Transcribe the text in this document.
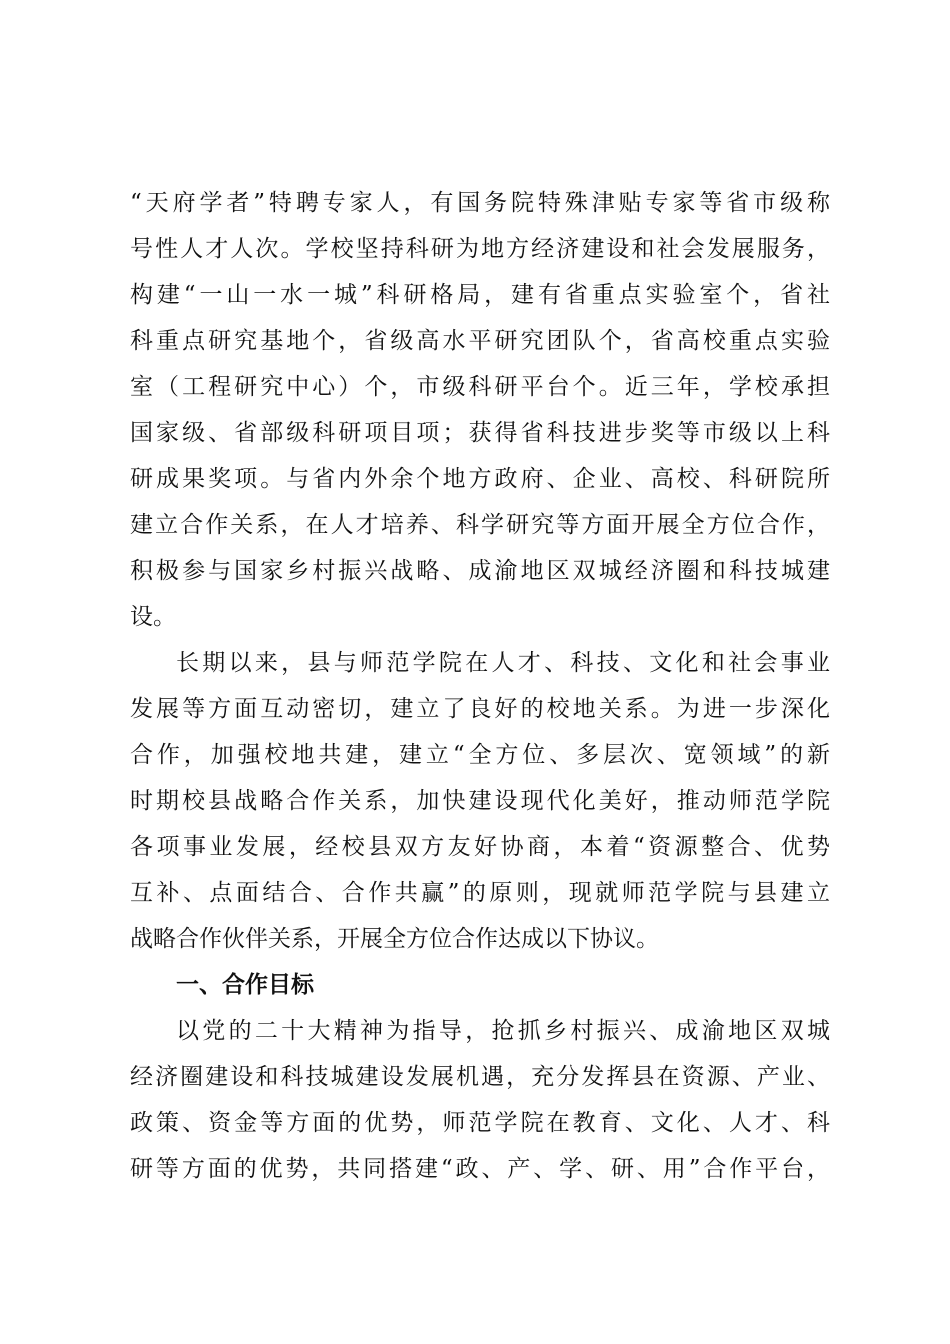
“天府学者”特聘专家人，有国务院特殊津贴专家等省市级称
号性人才人次。学校坚持科研为地方经济建设和社会发展服务，
构建“一山一水一城”科研格局，建有省重点实验室个，省社
科重点研究基地个，省级高水平研究团队个，省高校重点实验
室（工程研究中心）个，市级科研平台个。近三年，学校承担
国家级、省部级科研项目项；获得省科技进步奖等市级以上科
研成果奖项。与省内外余个地方政府、企业、高校、科研院所
建立合作关系，在人才培养、科学研究等方面开展全方位合作，
积极参与国家乡村振兴战略、成渝地区双城经济圈和科技城建
设。
长期以来，县与师范学院在人才、科技、文化和社会事业
发展等方面互动密切，建立了良好的校地关系。为进一步深化
合作，加强校地共建，建立“全方位、多层次、宽领域”的新
时期校县战略合作关系，加快建设现代化美好，推动师范学院
各项事业发展，经校县双方友好协商，本着“资源整合、优势
互补、点面结合、合作共赢”的原则，现就师范学院与县建立
战略合作伙伴关系，开展全方位合作达成以下协议。
一、合作目标
以党的二十大精神为指导，抢抓乡村振兴、成渝地区双城
经济圈建设和科技城建设发展机遇，充分发挥县在资源、产业、
政策、资金等方面的优势，师范学院在教育、文化、人才、科
研等方面的优势，共同搭建“政、产、学、研、用”合作平台，
